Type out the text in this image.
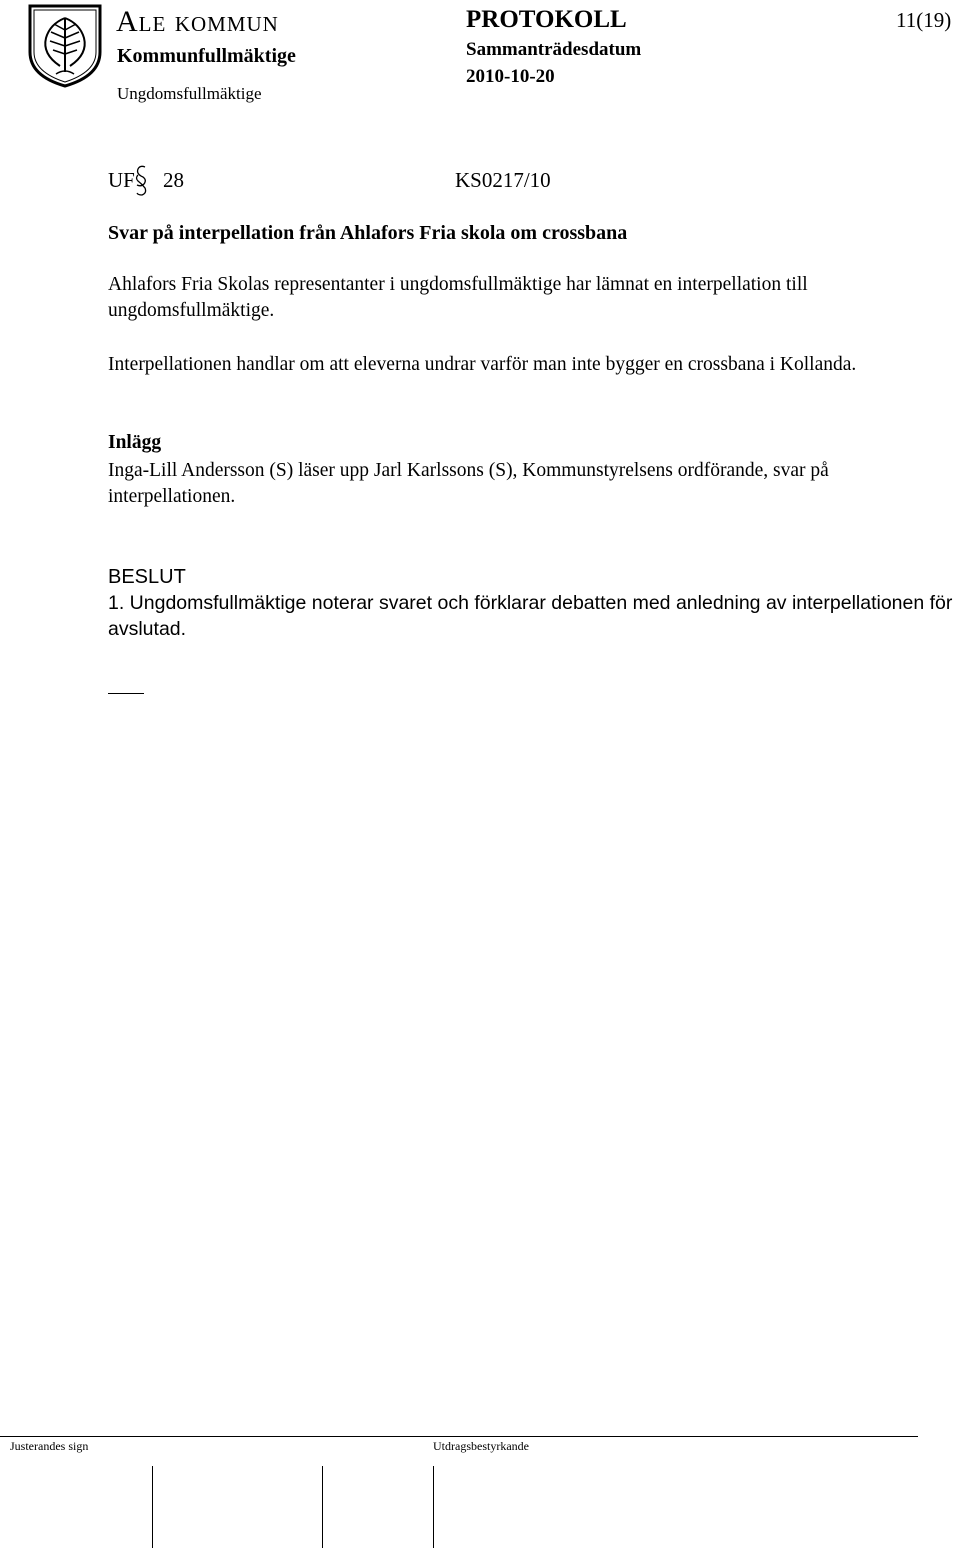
Ale kommun
Kommunfullmäktige
Ungdomsfullmäktige
PROTOKOLL
Sammanträdesdatum
2010-10-20
11(19)
UF 28	KS0217/10
Svar på interpellation från Ahlafors Fria skola om crossbana
Ahlafors Fria Skolas representanter i ungdomsfullmäktige har lämnat en interpellation till ungdomsfullmäktige.
Interpellationen handlar om att eleverna undrar varför man inte bygger en crossbana i Kollanda.
Inlägg
Inga-Lill Andersson (S) läser upp Jarl Karlssons (S), Kommunstyrelsens ordförande, svar på interpellationen.
BESLUT
1. Ungdomsfullmäktige noterar svaret och förklarar debatten med anledning av interpellationen för avslutad.
Justerandes sign	Utdragsbestyrkande
